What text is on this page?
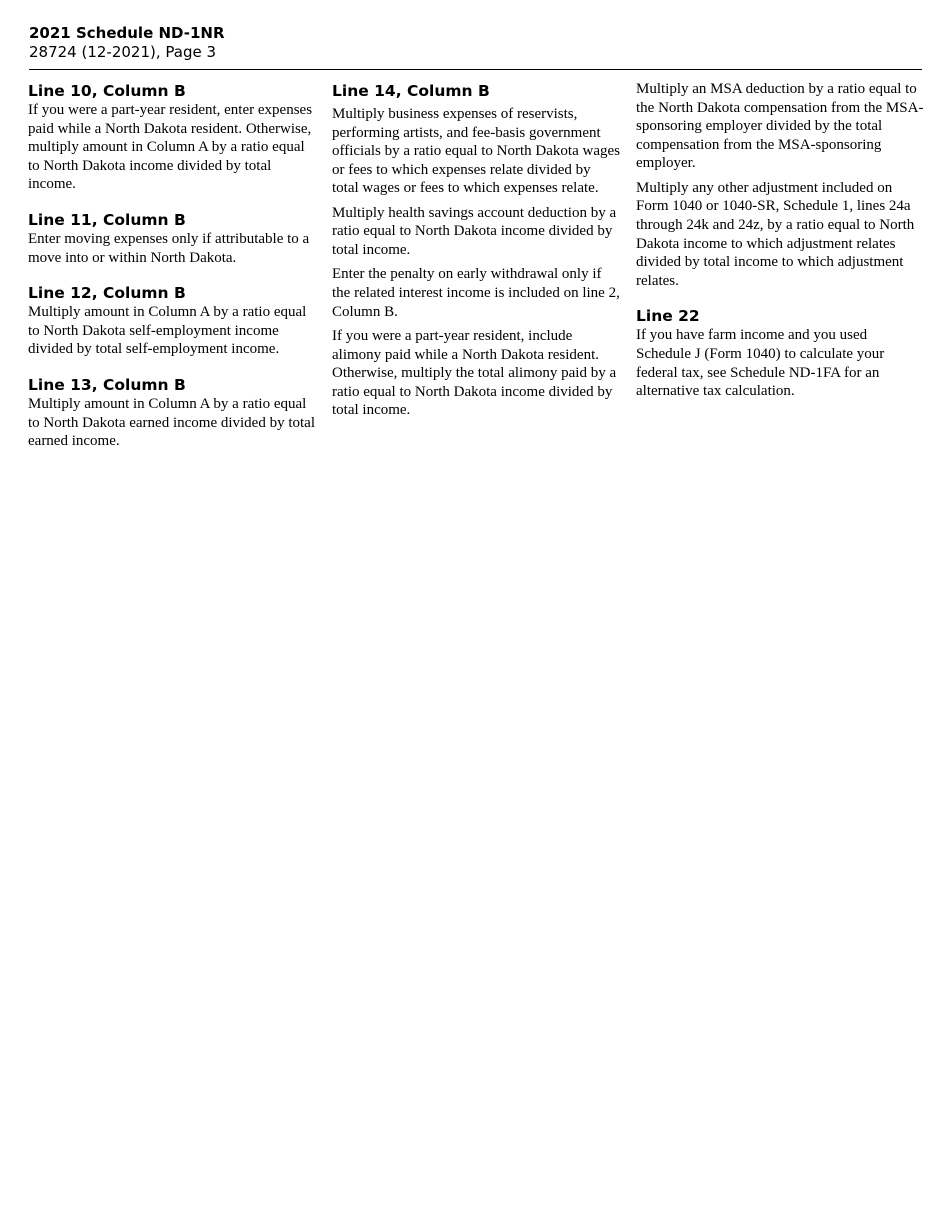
2021 Schedule ND-1NR
28724 (12-2021), Page 3
Line 10, Column B

If you were a part-year resident, enter expenses paid while a North Dakota resident. Otherwise, multiply amount in Column A by a ratio equal to North Dakota income divided by total income.

Line 11, Column B

Enter moving expenses only if attributable to a move into or within North Dakota.

Line 12, Column B

Multiply amount in Column A by a ratio equal to North Dakota self-employment income divided by total self-employment income.

Line 13, Column B

Multiply amount in Column A by a ratio equal to North Dakota earned income divided by total earned income.

Line 14, Column B

Multiply business expenses of reservists, performing artists, and fee-basis government officials by a ratio equal to North Dakota wages or fees to which expenses relate divided by total wages or fees to which expenses relate.

Multiply health savings account deduction by a ratio equal to North Dakota income divided by total income.

Enter the penalty on early withdrawal only if the related interest income is included on line 2, Column B.

If you were a part-year resident, include alimony paid while a North Dakota resident. Otherwise, multiply the total alimony paid by a ratio equal to North Dakota income divided by total income.

Multiply an MSA deduction by a ratio equal to the North Dakota compensation from the MSA-sponsoring employer divided by the total compensation from the MSA-sponsoring employer.

Multiply any other adjustment included on Form 1040 or 1040-SR, Schedule 1, lines 24a through 24k and 24z, by a ratio equal to North Dakota income to which adjustment relates divided by total income to which adjustment relates.

Line 22

If you have farm income and you used Schedule J (Form 1040) to calculate your federal tax, see Schedule ND-1FA for an alternative tax calculation.
